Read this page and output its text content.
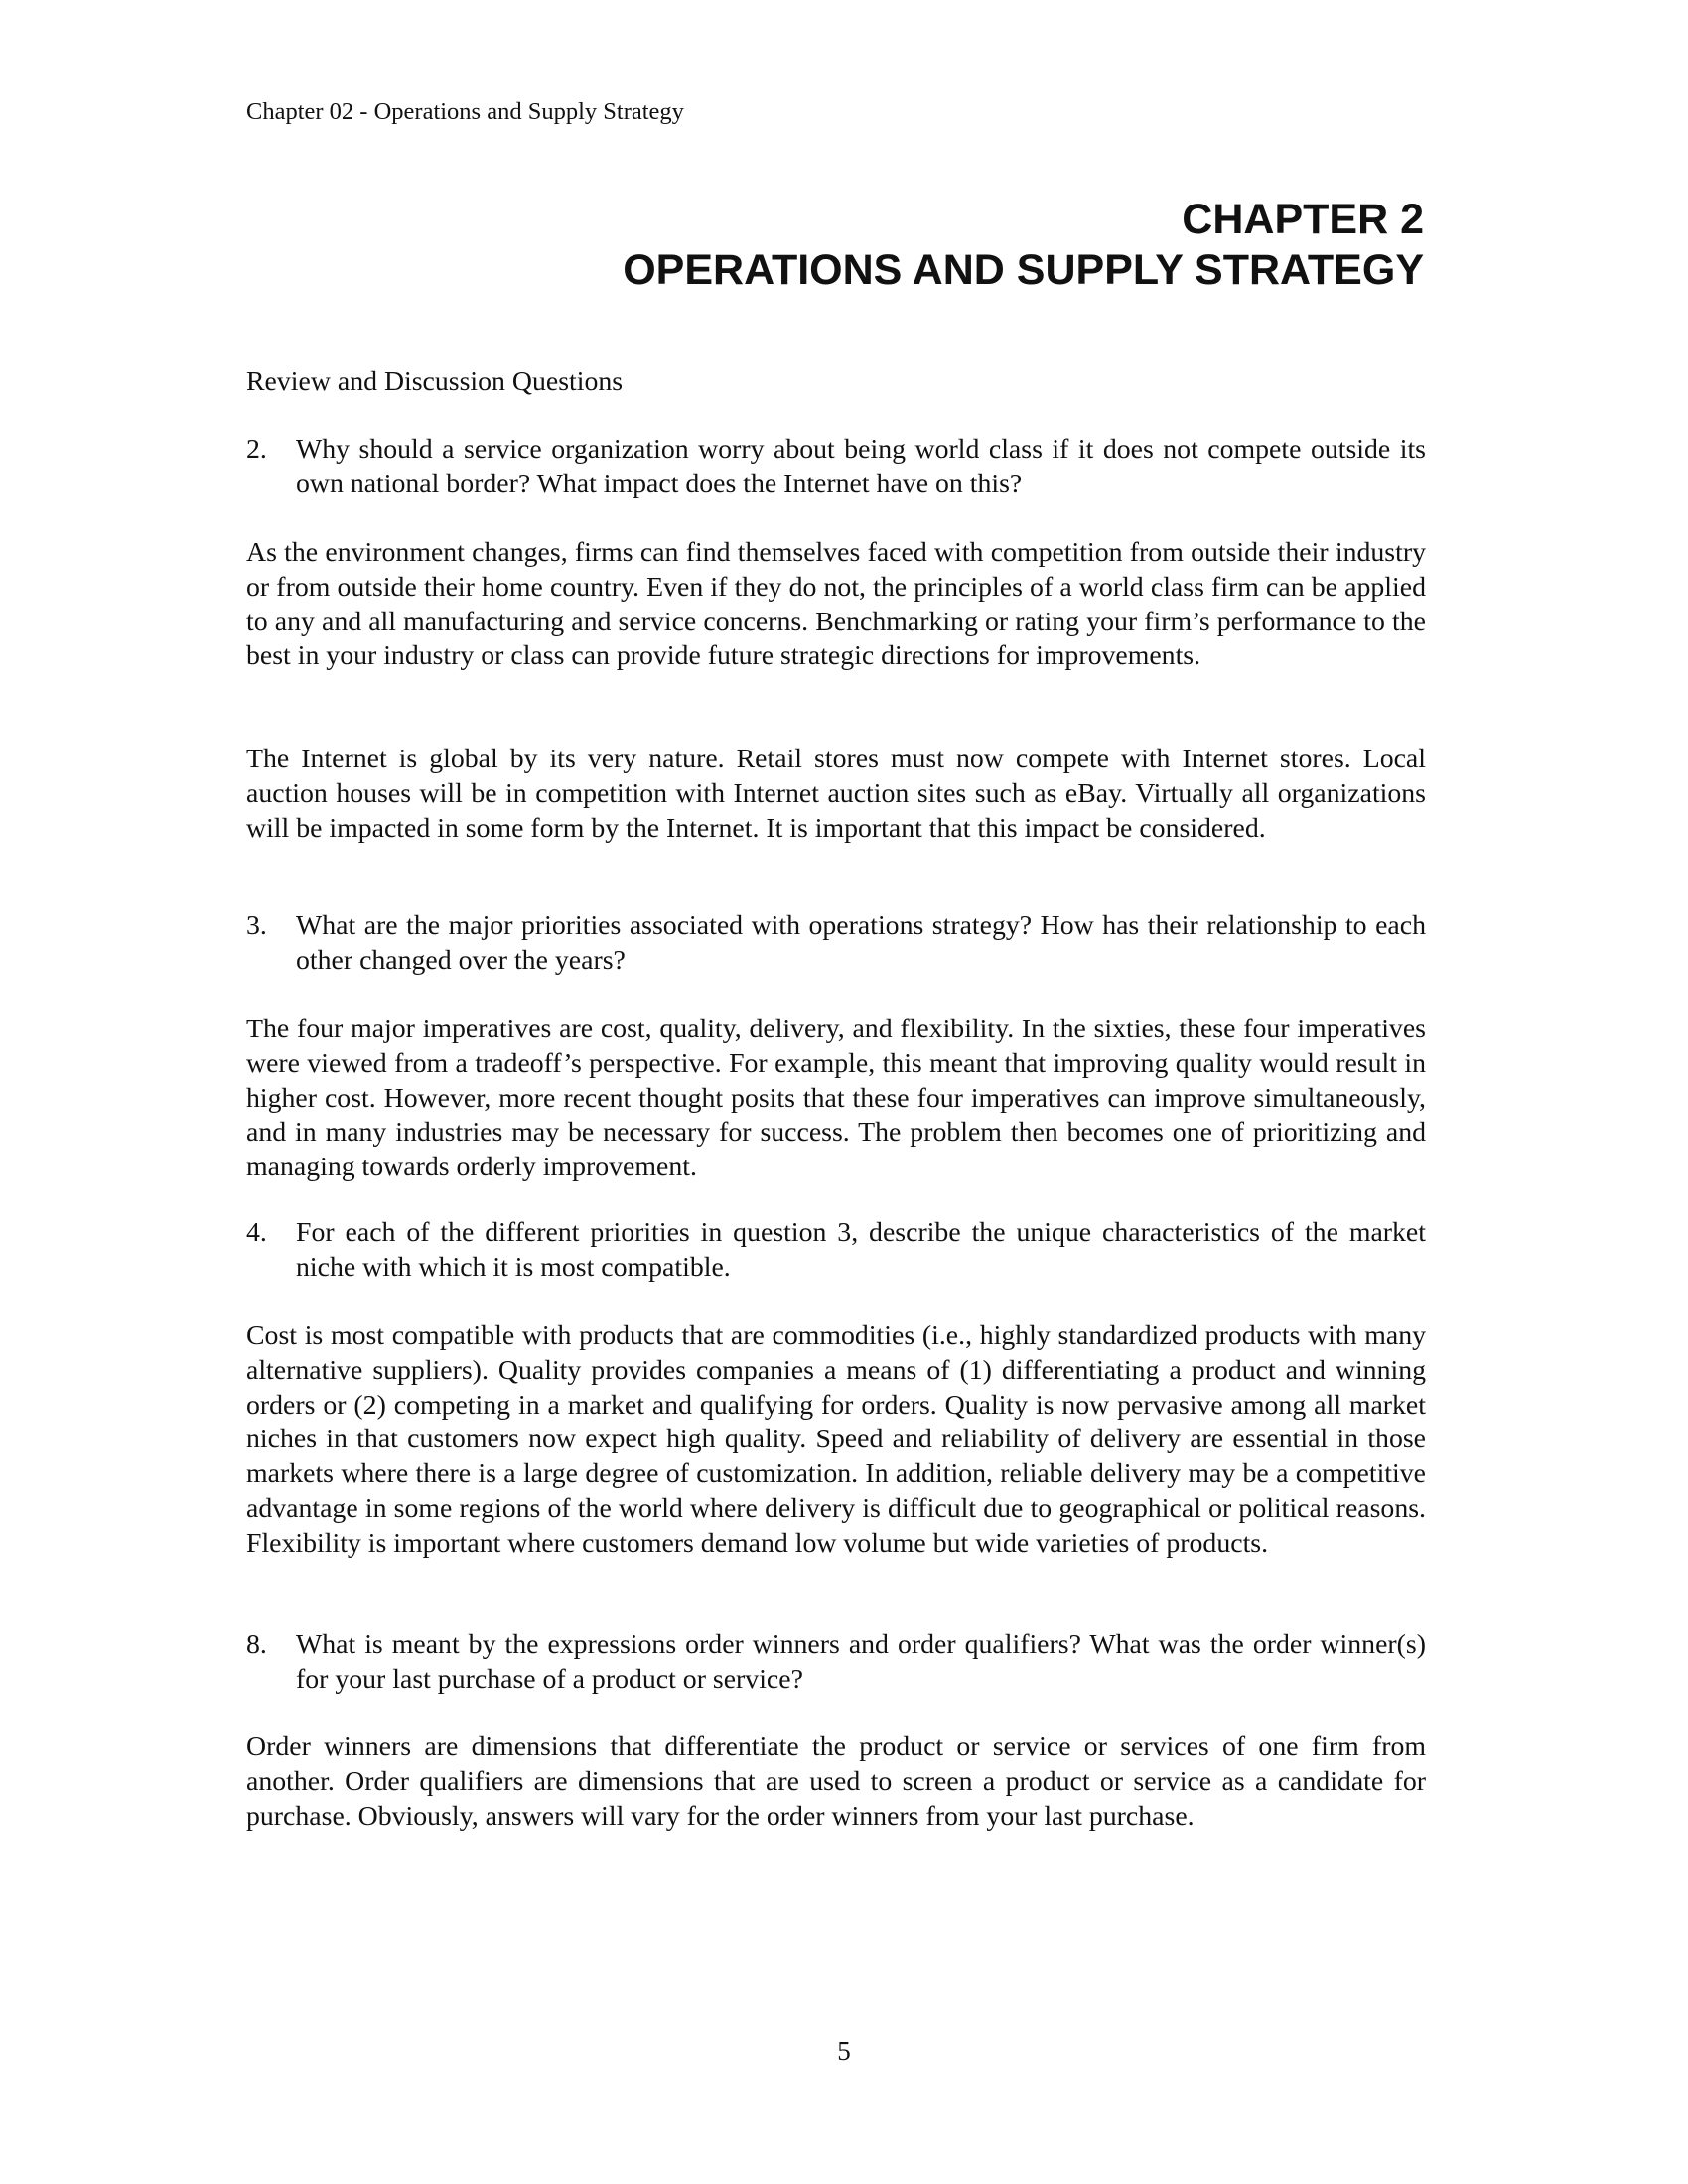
Chapter 02 - Operations and Supply Strategy
CHAPTER 2
OPERATIONS AND SUPPLY STRATEGY
Review and Discussion Questions
2.	Why should a service organization worry about being world class if it does not compete outside its own national border? What impact does the Internet have on this?
As the environment changes, firms can find themselves faced with competition from outside their industry or from outside their home country. Even if they do not, the principles of a world class firm can be applied to any and all manufacturing and service concerns. Benchmarking or rating your firm’s performance to the best in your industry or class can provide future strategic directions for improvements.
The Internet is global by its very nature. Retail stores must now compete with Internet stores. Local auction houses will be in competition with Internet auction sites such as eBay. Virtually all organizations will be impacted in some form by the Internet. It is important that this impact be considered.
3.	What are the major priorities associated with operations strategy? How has their relationship to each other changed over the years?
The four major imperatives are cost, quality, delivery, and flexibility. In the sixties, these four imperatives were viewed from a tradeoff’s perspective. For example, this meant that improving quality would result in higher cost. However, more recent thought posits that these four imperatives can improve simultaneously, and in many industries may be necessary for success. The problem then becomes one of prioritizing and managing towards orderly improvement.
4.	For each of the different priorities in question 3, describe the unique characteristics of the market niche with which it is most compatible.
Cost is most compatible with products that are commodities (i.e., highly standardized products with many alternative suppliers). Quality provides companies a means of (1) differentiating a product and winning orders or (2) competing in a market and qualifying for orders. Quality is now pervasive among all market niches in that customers now expect high quality. Speed and reliability of delivery are essential in those markets where there is a large degree of customization. In addition, reliable delivery may be a competitive advantage in some regions of the world where delivery is difficult due to geographical or political reasons. Flexibility is important where customers demand low volume but wide varieties of products.
8.	What is meant by the expressions order winners and order qualifiers? What was the order winner(s) for your last purchase of a product or service?
Order winners are dimensions that differentiate the product or service or services of one firm from another. Order qualifiers are dimensions that are used to screen a product or service as a candidate for purchase. Obviously, answers will vary for the order winners from your last purchase.
5
